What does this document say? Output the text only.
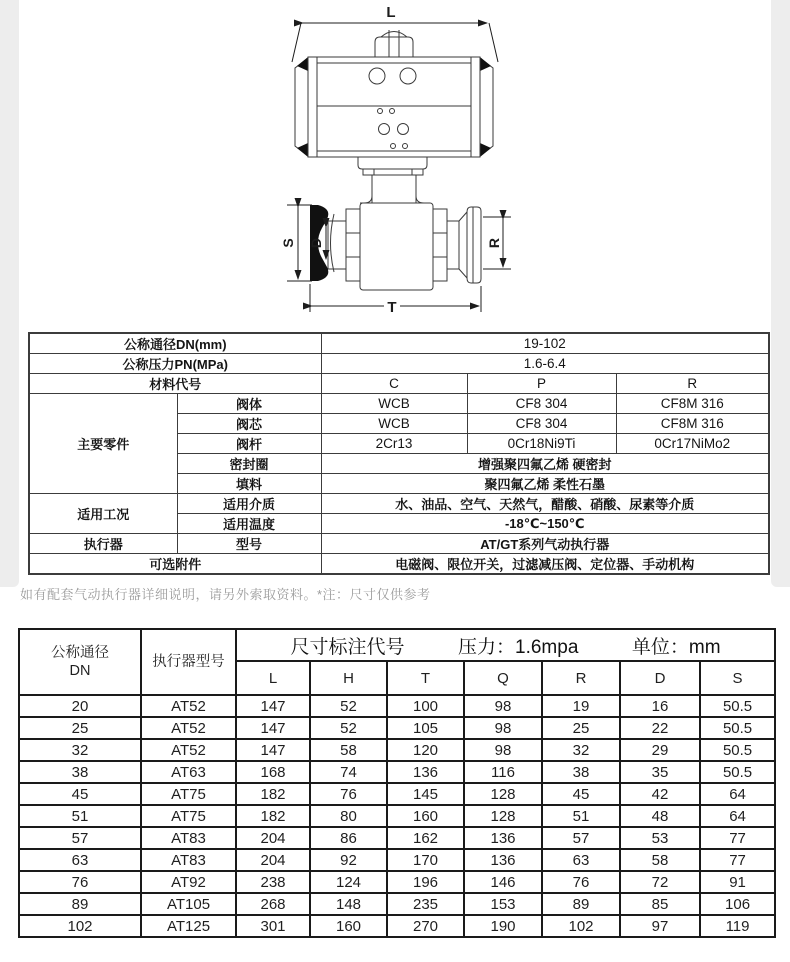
L
S D	R
T
公称通径DN(mm)		19-102		
公称压力PN(MPa)		1.6-6.4		
材料代号		C	P	R
主要零件	阀体	WCB	CF8 304	CF8M 316
	阀芯	WCB	CF8 304	CF8M 316
	阀杆	2Cr13	0Cr18Ni9Ti	0Cr17NiMo2
	密封圈	增强聚四氟乙烯 硬密封		
	填料	聚四氟乙烯 柔性石墨		
适用工况	适用介质	水、油品、空气、天然气，醋酸、硝酸、尿素等介质		
	适用温度	-18℃~150℃		
执行器	型号	AT/GT系列气动执行器		
可选附件		电磁阀、限位开关，过滤减压阀、定位器、手动机构		
如有配套气动执行器详细说明，请另外索取资料。*注：尺寸仅供参考
公称通径
DN	执行器型号	尺寸标注代号 压力：1.6mpa 单位：mm						

		L	H	T	Q	R	D	S
20	AT52	147	52	100	98	19	16	50.5
25	AT52	147	52	105	98	25	22	50.5
32	AT52	147	58	120	98	32	29	50.5
38	AT63	168	74	136	116	38	35	50.5
45	AT75	182	76	145	128	45	42	64
51	AT75	182	80	160	128	51	48	64
57	AT83	204	86	162	136	57	53	77
63	AT83	204	92	170	136	63	58	77
76	AT92	238	124	196	146	76	72	91
89	AT105	268	148	235	153	89	85	106
102	AT125	301	160	270	190	102	97	119
